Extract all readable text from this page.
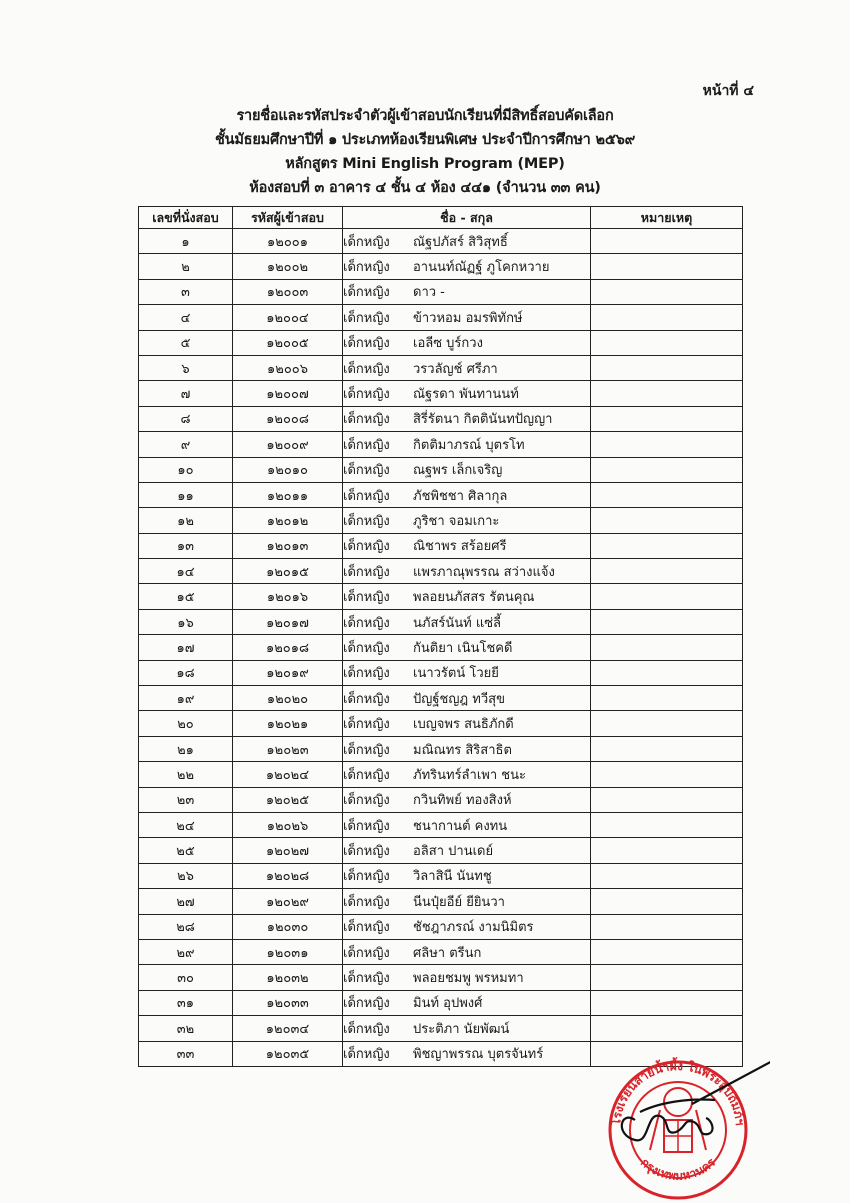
หน้าที่ ๔
รายชื่อและรหัสประจำตัวผู้เข้าสอบนักเรียนที่มีสิทธิ์สอบคัดเลือก
ชั้นมัธยมศึกษาปีที่ ๑ ประเภทห้องเรียนพิเศษ ประจำปีการศึกษา ๒๕๖๙
หลักสูตร Mini English Program (MEP)
ห้องสอบที่ ๓ อาคาร ๔ ชั้น ๔ ห้อง ๔๔๑ (จำนวน ๓๓ คน)
เลขที่นั่งสอบ	รหัสผู้เข้าสอบ	ชื่อ - สกุล	หมายเหตุ
๑	๑๒๐๐๑	เด็กหญิง ณัฐปภัสร์ สิวิสุทธิ์	
๒	๑๒๐๐๒	เด็กหญิง อานนท์ณัฏฐ์ ภูโคกหวาย	
๓	๑๒๐๐๓	เด็กหญิง ดาว -	
๔	๑๒๐๐๔	เด็กหญิง ข้าวหอม อมรพิทักษ์	
๕	๑๒๐๐๕	เด็กหญิง เอลีซ บูร์กวง	
๖	๑๒๐๐๖	เด็กหญิง วรวลัญช์ ศรีภา	
๗	๑๒๐๐๗	เด็กหญิง ณัฐรดา พันทานนท์	
๘	๑๒๐๐๘	เด็กหญิง สิรี่รัตนา กิตตินันทปัญญา	
๙	๑๒๐๐๙	เด็กหญิง กิตติมาภรณ์ บุตรโท	
๑๐	๑๒๐๑๐	เด็กหญิง ณฐพร เล็กเจริญ	
๑๑	๑๒๐๑๑	เด็กหญิง ภัชพิชชา ศิลากุล	
๑๒	๑๒๐๑๒	เด็กหญิง ภูริชา จอมเกาะ	
๑๓	๑๒๐๑๓	เด็กหญิง ณิชาพร สร้อยศรี	
๑๔	๑๒๐๑๕	เด็กหญิง แพรภาณุพรรณ สว่างแจ้ง	
๑๕	๑๒๐๑๖	เด็กหญิง พลอยนภัสสร รัตนคุณ	
๑๖	๑๒๐๑๗	เด็กหญิง นภัสร์นันท์ แซ่ลี้	
๑๗	๑๒๐๑๘	เด็กหญิง กันติยา เนินโชคดี	
๑๘	๑๒๐๑๙	เด็กหญิง เนาวรัตน์ โวยยี	
๑๙	๑๒๐๒๐	เด็กหญิง ปัญฐ์ชญฎ ทวีสุข	
๒๐	๑๒๐๒๑	เด็กหญิง เบญจพร สนธิภักดี	
๒๑	๑๒๐๒๓	เด็กหญิง มณิณทร สิริสาธิต	
๒๒	๑๒๐๒๔	เด็กหญิง ภัทรินทร์ลำเพา ชนะ	
๒๓	๑๒๐๒๕	เด็กหญิง กวินทิพย์ ทองสิงห์	
๒๔	๑๒๐๒๖	เด็กหญิง ชนากานต์ คงทน	
๒๕	๑๒๐๒๗	เด็กหญิง อลิสา ปานเดย์	
๒๖	๑๒๐๒๘	เด็กหญิง วิลาสินี นันทชู	
๒๗	๑๒๐๒๙	เด็กหญิง นีนปุ๋ยอีย์ ยียินวา	
๒๘	๑๒๐๓๐	เด็กหญิง ชัชฎาภรณ์ งามนิมิตร	
๒๙	๑๒๐๓๑	เด็กหญิง ศลิษา ตรีนก	
๓๐	๑๒๐๓๒	เด็กหญิง พลอยชมพู พรหมทา	
๓๑	๑๒๐๓๓	เด็กหญิง มินท์ อุปพงศ์	
๓๒	๑๒๐๓๔	เด็กหญิง ประติภา นัยพัฒน์	
๓๓	๑๒๐๓๕	เด็กหญิง พิชญาพรรณ บุตรจันทร์	
โรงเรียนสายน้ำผึ้ง ในพระอุปถัมภ์ฯ
กรุงเทพมหานคร
